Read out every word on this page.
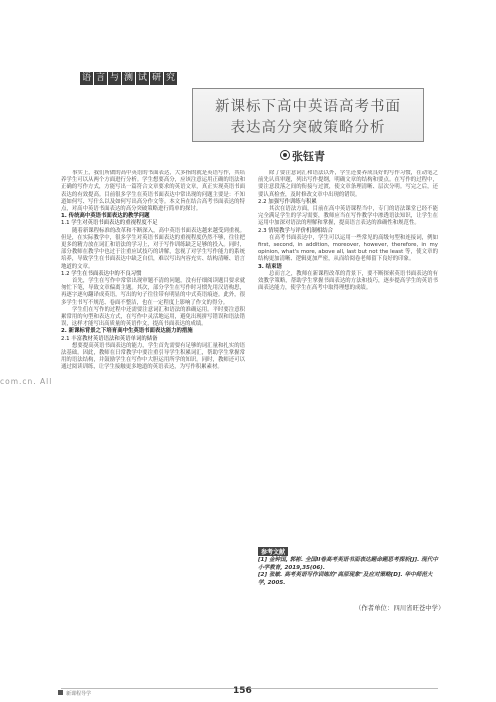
语 言 与 测 试 研 究
新课标下高中英语高考书面
表达高分突破策略分析
张钰青
com.cn. All

事实上，我们所做的高中英语的书面表达，大多指的就是英语写作，其培养学生可以从两个方面进行分析。学生想要高分，应该注意运用正确的语法和正确的写作方式，方能写出一篇符合文章要求的英语文章，真正实现英语书面表达的有效提高。目前很多学生在英语书面表达中常出现的问题主要是：不知道如何写、写什么以及如何写出高分作文等。本文旨在结合高考书面表达的特点，对高中英语书面表达的高分突破策略进行简单的探讨。

1. 传统高中英语书面表达的教学问题

1.1 学生对英语书面表达的重视程度不足

随着新课程标准的改革和不断深入，高中英语书面表达越来越受到重视。但是，在实际教学中，很多学生对英语书面表达的重视程度仍然不够，往往把更多的精力放在词汇和语法的学习上，对于写作训练缺乏足够的投入。同时，部分教师在教学中也过于注重应试技巧的讲解，忽视了对学生写作能力的系统培养，导致学生在书面表达中缺乏自信，难以写出内容充实、结构清晰、语言地道的文章。

1.2 学生在书面表达中的不良习惯

首先，学生在写作中常常出现审题不清的问题，没有仔细阅读题目要求就匆忙下笔，导致文章偏离主题。其次，部分学生在写作时习惯先用汉语构思，再逐字逐句翻译成英语，写出的句子往往带有明显的中式英语痕迹。此外，很多学生书写不规范、卷面不整洁，也在一定程度上影响了作文的得分。

学生们在写作的过程中还需要注意词汇和语法的准确运用。平时要注意积累常用的句型和表达方式，在写作中灵活地运用，避免出现拼写错误和语法错误，这样才能写出高质量的英语作文，提高书面表达的成绩。

2. 新课标背景之下培育高中生英语书面表达能力的措施

2.1 丰富教材英语语法和英语单词的储备

想要提高英语书面表达的能力，学生首先需要有足够的词汇量和扎实的语法基础。因此，教师在日常教学中要注重引导学生积累词汇，帮助学生掌握常用的语法结构，并鼓励学生在写作中大胆运用所学的知识。同时，教师还可以通过阅读训练，让学生接触更多地道的英语表达，为写作积累素材。

除了要注意词汇和语法以外，学生还要养成良好的写作习惯，在动笔之前先认真审题，列出写作提纲，明确文章的结构和要点。在写作的过程中，要注意段落之间的衔接与过渡，使文章条理清晰、层次分明。写完之后，还要认真检查，及时修改文章中出现的错误。

2.2 加强写作训练与积累

其次在语法方面，目前在高中英语课程当中，专门的语法课堂已经不能完全满足学生的学习需要，教师应当在写作教学中渗透语法知识，让学生在运用中加深对语法的理解和掌握，提高语言表达的准确性和规范性。

2.3 情境教学与评价机制相结合

在高考书面表达中，学生可以运用一些常见的高级句型和连接词，例如 first, second, in addition, moreover, however, therefore, in my opinion, what's more, above all, last but not the least 等，使文章的结构更加清晰、逻辑更加严密，从而给阅卷老师留下良好的印象。

3. 结束语

总而言之，教师在新课程改革的背景下，要不断探索英语书面表达的有效教学策略，帮助学生掌握书面表达的方法和技巧，逐步提高学生的英语书面表达能力，使学生在高考中取得理想的成绩。

参考文献
[1] 金钟国, 郭彬. 全国II卷高考英语书面表达题命题思考探析[J]. 现代中小学教育, 2019,35(06).
[2] 张敏. 高考英语写作训练的"高原现象"及应对策略[D]. 华中师范大学, 2005.
（作者单位：四川省旺苍中学）
新课程导学	156
